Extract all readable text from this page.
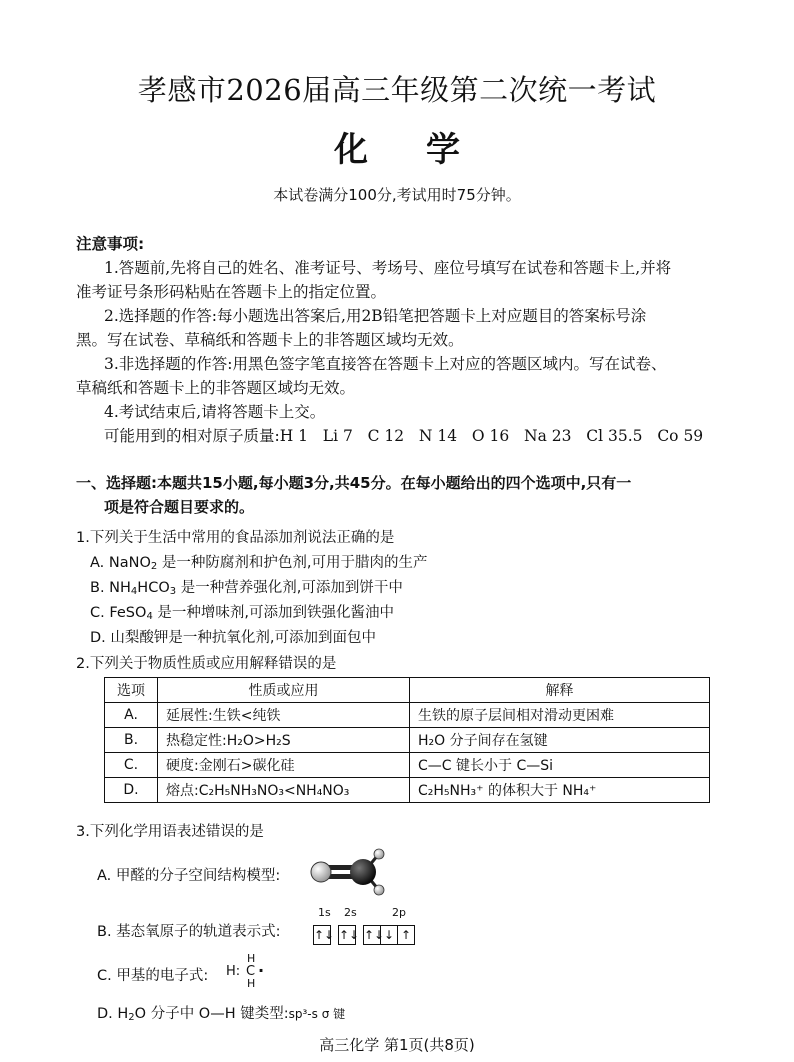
孝感市2026届高三年级第二次统一考试
化学
本试卷满分100分,考试用时75分钟。
注意事项:
1.答题前,先将自己的姓名、准考证号、考场号、座位号填写在试卷和答题卡上,并将
准考证号条形码粘贴在答题卡上的指定位置。
2.选择题的作答:每小题选出答案后,用2B铅笔把答题卡上对应题目的答案标号涂
黑。写在试卷、草稿纸和答题卡上的非答题区域均无效。
3.非选择题的作答:用黑色签字笔直接答在答题卡上对应的答题区域内。写在试卷、
草稿纸和答题卡上的非答题区域均无效。
4.考试结束后,请将答题卡上交。
可能用到的相对原子质量:H 1   Li 7   C 12   N 14   O 16   Na 23   Cl 35.5   Co 59
一、选择题:本题共15小题,每小题3分,共45分。在每小题给出的四个选项中,只有一
项是符合题目要求的。
1.下列关于生活中常用的食品添加剂说法正确的是
A. NaNO$_2$ 是一种防腐剂和护色剂,可用于腊肉的生产
B. $NH_4HCO_3$ 是一种营养强化剂,可添加到饼干中
C. FeSO$_4$ 是一种增味剂,可添加到铁强化酱油中
D. 山梨酸钾是一种抗氧化剂,可添加到面包中
2.下列关于物质性质或应用解释错误的是
选项	性质或应用	解释
A.	延展性:生铁<纯铁	生铁的原子层间相对滑动更困难
B.	热稳定性:H₂O>H₂S	H₂O 分子间存在氢键
C.	硬度:金刚石>碳化硅	C—C 键长小于 C—Si
D.	熔点:C₂H₅NH₃NO₃<NH₄NO₃	C₂H₅NH₃⁺ 的体积大于 NH₄⁺
3.下列化学用语表述错误的是
A. 甲醛的分子空间结构模型:
B. 基态氧原子的轨道表示式:
1s 2s	2p
↑↓ ↑↓ ↑↓↓ ↑
C. 甲基的电子式: H:
H
C
H
·
D. $H_2O$ 分子中 O—H 键类型:sp³-s σ 键
高三化学 第1页(共8页)
